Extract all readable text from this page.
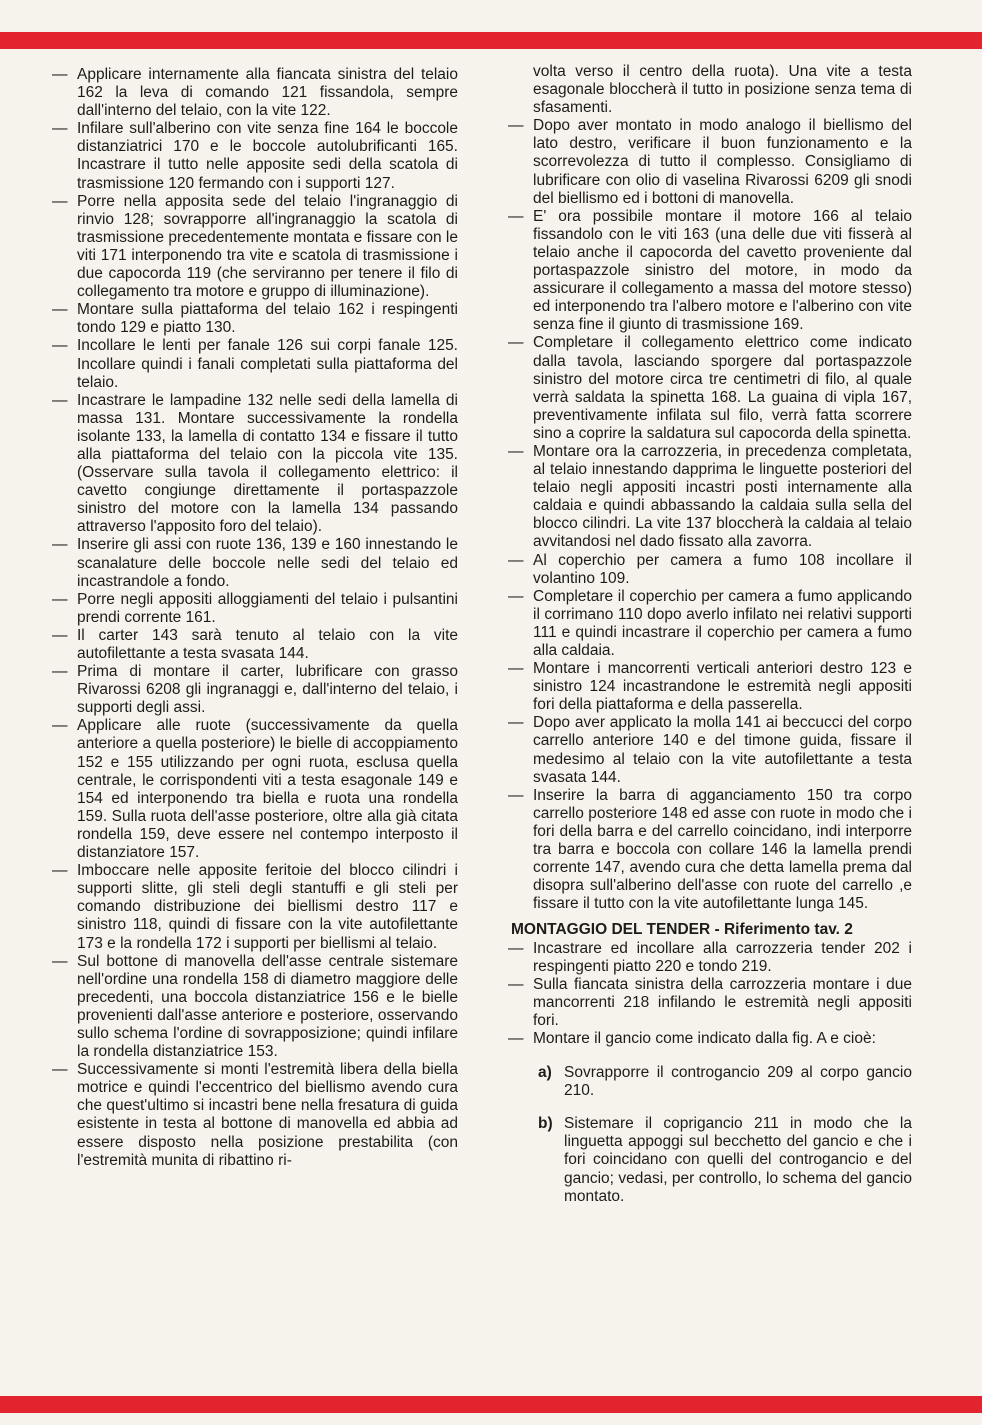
— Applicare internamente alla fiancata sinistra del telaio 162 la leva di comando 121 fissandola, sempre dall'interno del telaio, con la vite 122.

— Infilare sull'alberino con vite senza fine 164 le boccole distanziatrici 170 e le boccole autolubrificanti 165. Incastrare il tutto nelle apposite sedi della scatola di trasmissione 120 fermando con i supporti 127.

— Porre nella apposita sede del telaio l'ingranaggio di rinvio 128; sovrapporre all'ingranaggio la scatola di trasmissione precedentemente montata e fissare con le viti 171 interponendo tra vite e scatola di trasmissione i due capocorda 119 (che serviranno per tenere il filo di collegamento tra motore e gruppo di illuminazione).

— Montare sulla piattaforma del telaio 162 i respingenti tondo 129 e piatto 130.

— Incollare le lenti per fanale 126 sui corpi fanale 125. Incollare quindi i fanali completati sulla piattaforma del telaio.

— Incastrare le lampadine 132 nelle sedi della lamella di massa 131. Montare successivamente la rondella isolante 133, la lamella di contatto 134 e fissare il tutto alla piattaforma del telaio con la piccola vite 135. (Osservare sulla tavola il collegamento elettrico: il cavetto congiunge direttamente il portaspazzole sinistro del motore con la lamella 134 passando attraverso l'apposito foro del telaio).

— Inserire gli assi con ruote 136, 139 e 160 innestando le scanalature delle boccole nelle sedi del telaio ed incastrandole a fondo.

— Porre negli appositi alloggiamenti del telaio i pulsantini prendi corrente 161.

— Il carter 143 sarà tenuto al telaio con la vite autofilettante a testa svasata 144.

— Prima di montare il carter, lubrificare con grasso Rivarossi 6208 gli ingranaggi e, dall'interno del telaio, i supporti degli assi.

— Applicare alle ruote (successivamente da quella anteriore a quella posteriore) le bielle di accoppiamento 152 e 155 utilizzando per ogni ruota, esclusa quella centrale, le corrispondenti viti a testa esagonale 149 e 154 ed interponendo tra biella e ruota una rondella 159. Sulla ruota dell'asse posteriore, oltre alla già citata rondella 159, deve essere nel contempo interposto il distanziatore 157.

— Imboccare nelle apposite feritoie del blocco cilindri i supporti slitte, gli steli degli stantuffi e gli steli per comando distribuzione dei biellismi destro 117 e sinistro 118, quindi di fissare con la vite autofilettante 173 e la rondella 172 i supporti per biellismi al telaio.

— Sul bottone di manovella dell'asse centrale sistemare nell'ordine una rondella 158 di diametro maggiore delle precedenti, una boccola distanziatrice 156 e le bielle provenienti dall'asse anteriore e posteriore, osservando sullo schema l'ordine di sovrapposizione; quindi infilare la rondella distanziatrice 153.

— Successivamente si monti l'estremità libera della biella motrice e quindi l'eccentrico del biellismo avendo cura che quest'ultimo si incastri bene nella fresatura di guida esistente in testa al bottone di manovella ed abbia ad essere disposto nella posizione prestabilita (con l'estremità munita di ribattino ri-

volta verso il centro della ruota). Una vite a testa esagonale bloccherà il tutto in posizione senza tema di sfasamenti.

— Dopo aver montato in modo analogo il biellismo del lato destro, verificare il buon funzionamento e la scorrevolezza di tutto il complesso. Consigliamo di lubrificare con olio di vaselina Rivarossi 6209 gli snodi del biellismo ed i bottoni di manovella.

— E' ora possibile montare il motore 166 al telaio fissandolo con le viti 163 (una delle due viti fisserà al telaio anche il capocorda del cavetto proveniente dal portaspazzole sinistro del motore, in modo da assicurare il collegamento a massa del motore stesso) ed interponendo tra l'albero motore e l'alberino con vite senza fine il giunto di trasmissione 169.

— Completare il collegamento elettrico come indicato dalla tavola, lasciando sporgere dal portaspazzole sinistro del motore circa tre centimetri di filo, al quale verrà saldata la spinetta 168. La guaina di vipla 167, preventivamente infilata sul filo, verrà fatta scorrere sino a coprire la saldatura sul capocorda della spinetta.

— Montare ora la carrozzeria, in precedenza completata, al telaio innestando dapprima le linguette posteriori del telaio negli appositi incastri posti internamente alla caldaia e quindi abbassando la caldaia sulla sella del blocco cilindri. La vite 137 bloccherà la caldaia al telaio avvitandosi nel dado fissato alla zavorra.

— Al coperchio per camera a fumo 108 incollare il volantino 109.

— Completare il coperchio per camera a fumo applicando il corrimano 110 dopo averlo infilato nei relativi supporti 111 e quindi incastrare il coperchio per camera a fumo alla caldaia.

— Montare i mancorrenti verticali anteriori destro 123 e sinistro 124 incastrandone le estremità negli appositi fori della piattaforma e della passerella.

— Dopo aver applicato la molla 141 ai beccucci del corpo carrello anteriore 140 e del timone guida, fissare il medesimo al telaio con la vite autofilettante a testa svasata 144.

— Inserire la barra di agganciamento 150 tra corpo carrello posteriore 148 ed asse con ruote in modo che i fori della barra e del carrello coincidano, indi interporre tra barra e boccola con collare 146 la lamella prendi corrente 147, avendo cura che detta lamella prema dal disopra sull'alberino dell'asse con ruote del carrello ,e fissare il tutto con la vite autofilettante lunga 145.

MONTAGGIO DEL TENDER - Riferimento tav. 2

— Incastrare ed incollare alla carrozzeria tender 202 i respingenti piatto 220 e tondo 219.

— Sulla fiancata sinistra della carrozzeria montare i due mancorrenti 218 infilando le estremità negli appositi fori.

— Montare il gancio come indicato dalla fig. A e cioè:

a) Sovrapporre il controgancio 209 al corpo gancio 210.

b) Sistemare il coprigancio 211 in modo che la linguetta appoggi sul becchetto del gancio e che i fori coincidano con quelli del controgancio e del gancio; vedasi, per controllo, lo schema del gancio montato.
